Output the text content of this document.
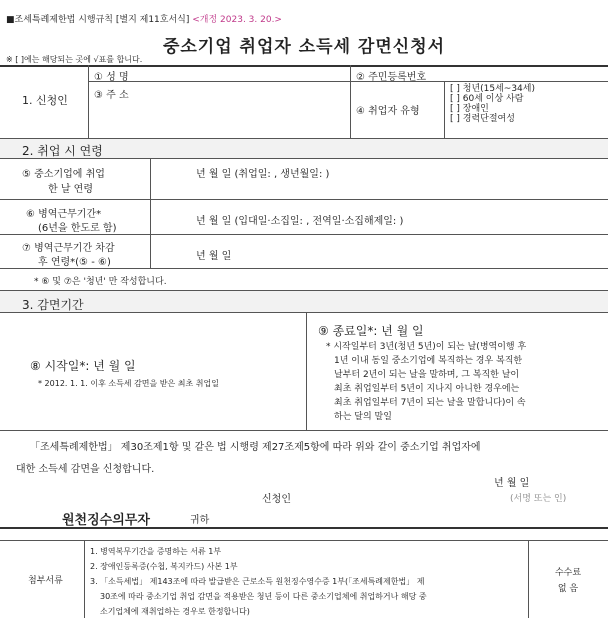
■조세특례제한법 시행규칙 [별지 제11호서식] <개정 2023. 3. 20.>
중소기업 취업자 소득세 감면신청서
※ [ ]에는 해당되는 곳에 √표를 합니다.
1. 신청인
① 성 명	② 주민등록번호
③ 주 소
④ 취업자 유형
[ ] 청년(15세~34세)
[ ] 60세 이상 사람
[ ] 장애인
[ ] 경력단절여성
2. 취업 시 연령
⑤ 중소기업에 취업
한 날 연령
년 월 일 (취업일: , 생년월일: )
⑥ 병역근무기간*
(6년을 한도로 함)
년 월 일 (입대일·소집일: , 전역일·소집해제일: )
⑦ 병역근무기간 차감
후 연령*(⑤ - ⑥)
년 월 일
* ⑥ 및 ⑦은 '청년' 만 작성합니다.
3. 감면기간
⑧ 시작일*: 년 월 일
* 2012. 1. 1. 이후 소득세 감면을 받은 최초 취업일
⑨ 종료일*: 년 월 일
* 시작일부터 3년(청년 5년)이 되는 날(병역이행 후
1년 이내 동일 중소기업에 복직하는 경우 복직한
날부터 2년이 되는 날을 말하며, 그 복직한 날이
최초 취업일부터 5년이 지나지 아니한 경우에는
최초 취업일부터 7년이 되는 날을 말합니다)이 속
하는 달의 말일
「조세특례제한법」 제30조제1항 및 같은 법 시행령 제27조제5항에 따라 위와 같이 중소기업 취업자에
대한 소득세 감면을 신청합니다.
년 월 일
신청인	(서명 또는 인)
원천징수의무자	귀하
첨부서류
1. 병역복무기간을 증명하는 서류 1부
2. 장애인등록증(수첩, 복지카드) 사본 1부
3. 「소득세법」 제143조에 따라 발급받은 근로소득 원천징수영수증 1부(「조세특례제한법」 제
30조에 따라 중소기업 취업 감면을 적용받은 청년 등이 다른 중소기업체에 취업하거나 해당 중
소기업체에 재취업하는 경우로 한정합니다)
수수료
없 음
